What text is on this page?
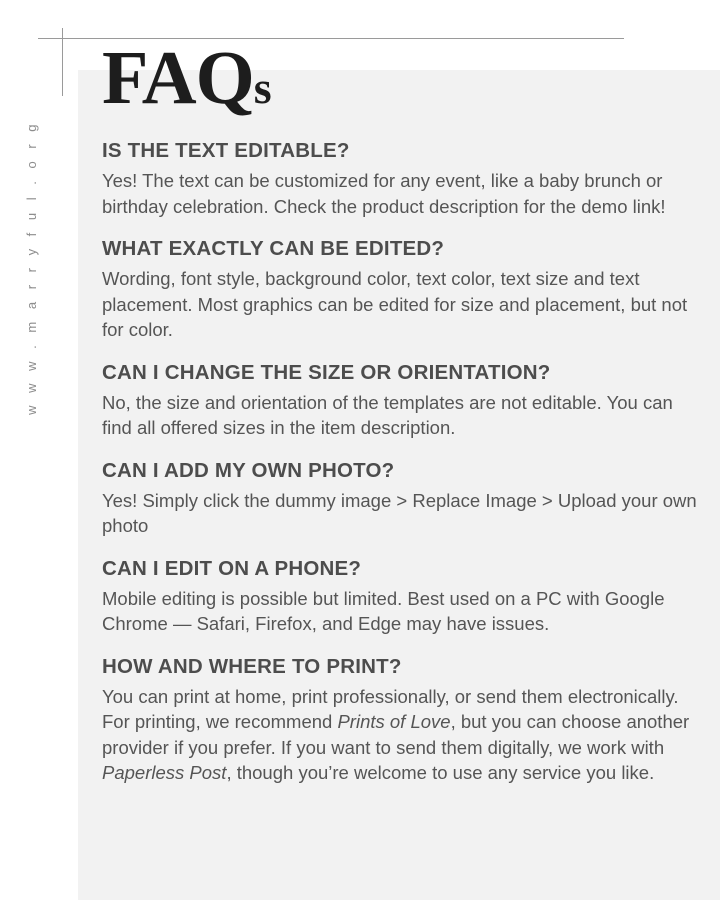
w w w . m a r r y f u l . o r g
FAQs
IS THE TEXT EDITABLE?
Yes! The text can be customized for any event, like a baby brunch or birthday celebration. Check the product description for the demo link!
WHAT EXACTLY CAN BE EDITED?
Wording, font style, background color, text color, text size and text placement. Most graphics can be edited for size and placement, but not for color.
CAN I CHANGE THE SIZE OR ORIENTATION?
No, the size and orientation of the templates are not editable. You can find all offered sizes in the item description.
CAN I ADD MY OWN PHOTO?
Yes! Simply click the dummy image > Replace Image > Upload your own photo
CAN I EDIT ON A PHONE?
Mobile editing is possible but limited. Best used on a PC with Google Chrome — Safari, Firefox, and Edge may have issues.
HOW AND WHERE TO PRINT?
You can print at home, print professionally, or send them electronically. For printing, we recommend Prints of Love, but you can choose another provider if you prefer. If you want to send them digitally, we work with Paperless Post, though you’re welcome to use any service you like.
